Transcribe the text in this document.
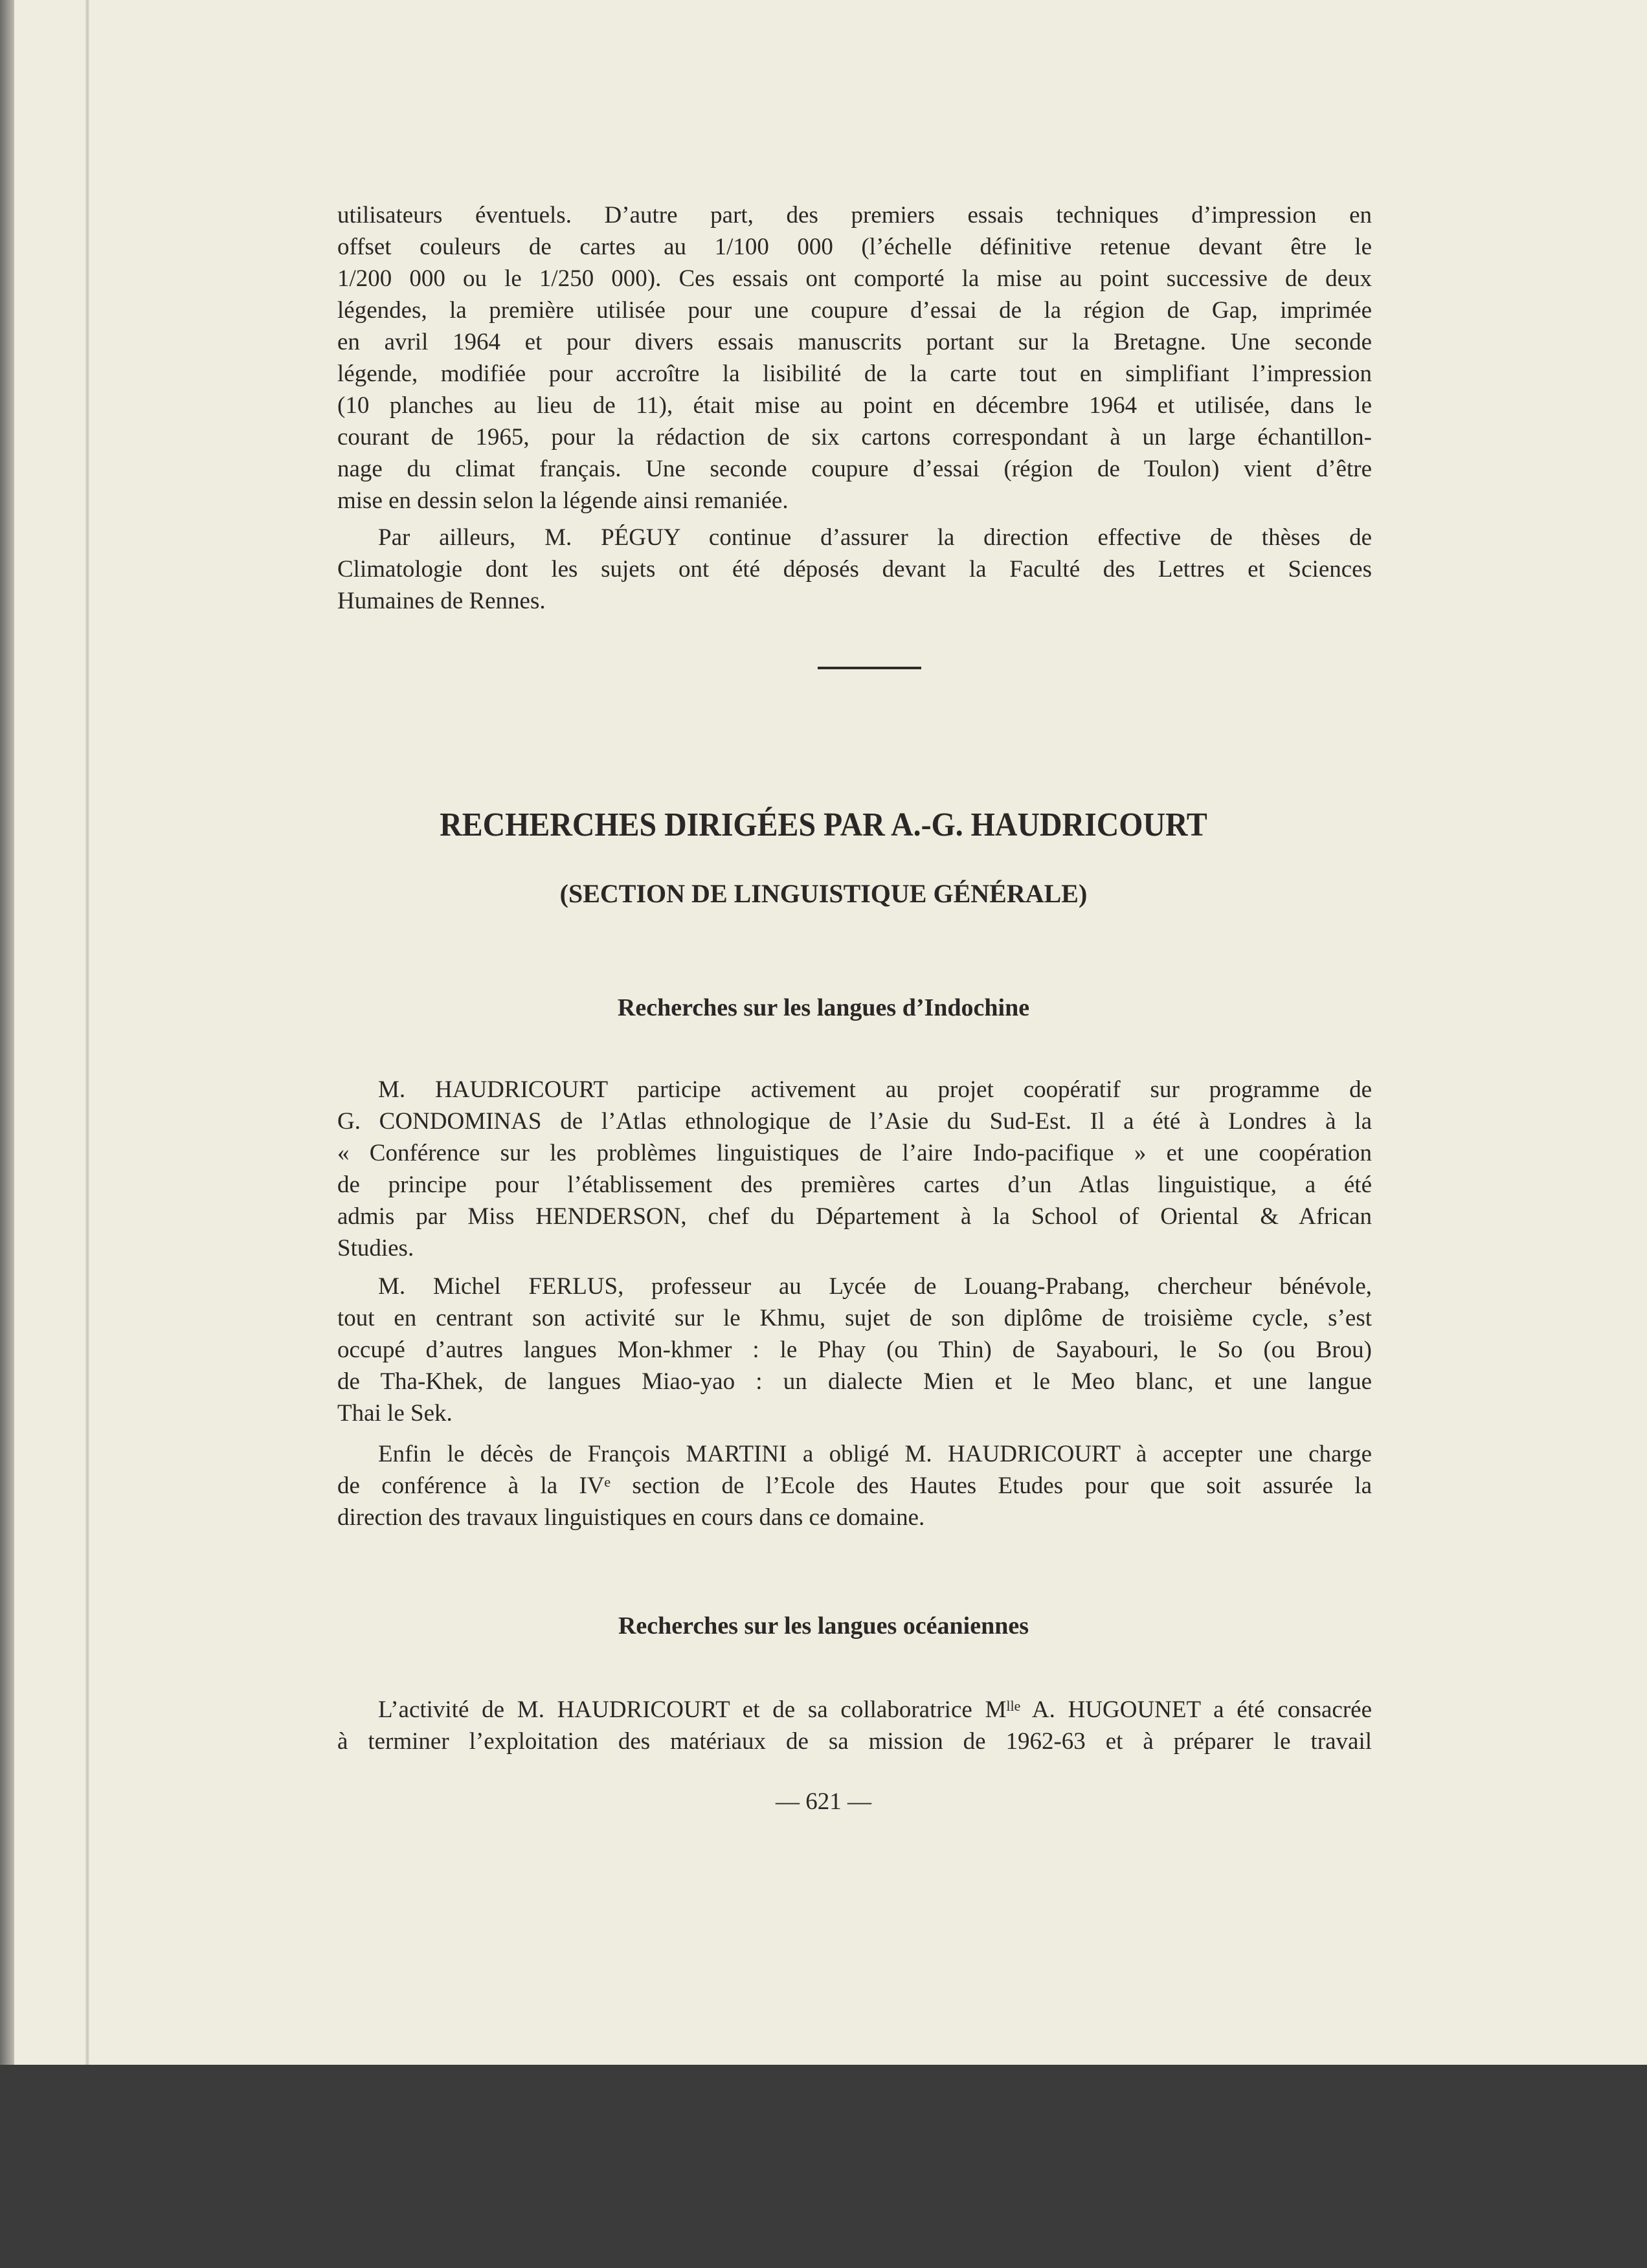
utilisateurs éventuels. D’autre part, des premiers essais techniques d’impression en
offset couleurs de cartes au 1/100 000 (l’échelle définitive retenue devant être le
1/200 000 ou le 1/250 000). Ces essais ont comporté la mise au point successive de deux
légendes, la première utilisée pour une coupure d’essai de la région de Gap, imprimée
en avril 1964 et pour divers essais manuscrits portant sur la Bretagne. Une seconde
légende, modifiée pour accroître la lisibilité de la carte tout en simplifiant l’impression
(10 planches au lieu de 11), était mise au point en décembre 1964 et utilisée, dans le
courant de 1965, pour la rédaction de six cartons correspondant à un large échantillon-
nage du climat français. Une seconde coupure d’essai (région de Toulon) vient d’être
mise en dessin selon la légende ainsi remaniée.
Par ailleurs, M. PÉGUY continue d’assurer la direction effective de thèses de
Climatologie dont les sujets ont été déposés devant la Faculté des Lettres et Sciences
Humaines de Rennes.
RECHERCHES DIRIGÉES PAR A.-G. HAUDRICOURT
(SECTION DE LINGUISTIQUE GÉNÉRALE)
Recherches sur les langues d’Indochine
M. HAUDRICOURT participe activement au projet coopératif sur programme de
G. CONDOMINAS de l’Atlas ethnologique de l’Asie du Sud-Est. Il a été à Londres à la
« Conférence sur les problèmes linguistiques de l’aire Indo-pacifique » et une coopération
de principe pour l’établissement des premières cartes d’un Atlas linguistique, a été
admis par Miss HENDERSON, chef du Département à la School of Oriental & African
Studies.
M. Michel FERLUS, professeur au Lycée de Louang-Prabang, chercheur bénévole,
tout en centrant son activité sur le Khmu, sujet de son diplôme de troisième cycle, s’est
occupé d’autres langues Mon-khmer : le Phay (ou Thin) de Sayabouri, le So (ou Brou)
de Tha-Khek, de langues Miao-yao : un dialecte Mien et le Meo blanc, et une langue
Thai le Sek.
Enfin le décès de François MARTINI a obligé M. HAUDRICOURT à accepter une charge
de conférence à la IVᵉ section de l’Ecole des Hautes Etudes pour que soit assurée la
direction des travaux linguistiques en cours dans ce domaine.
Recherches sur les langues océaniennes
L’activité de M. HAUDRICOURT et de sa collaboratrice Mˡˡᵉ A. HUGOUNET a été consacrée
à terminer l’exploitation des matériaux de sa mission de 1962-63 et à préparer le travail
— 621 —
